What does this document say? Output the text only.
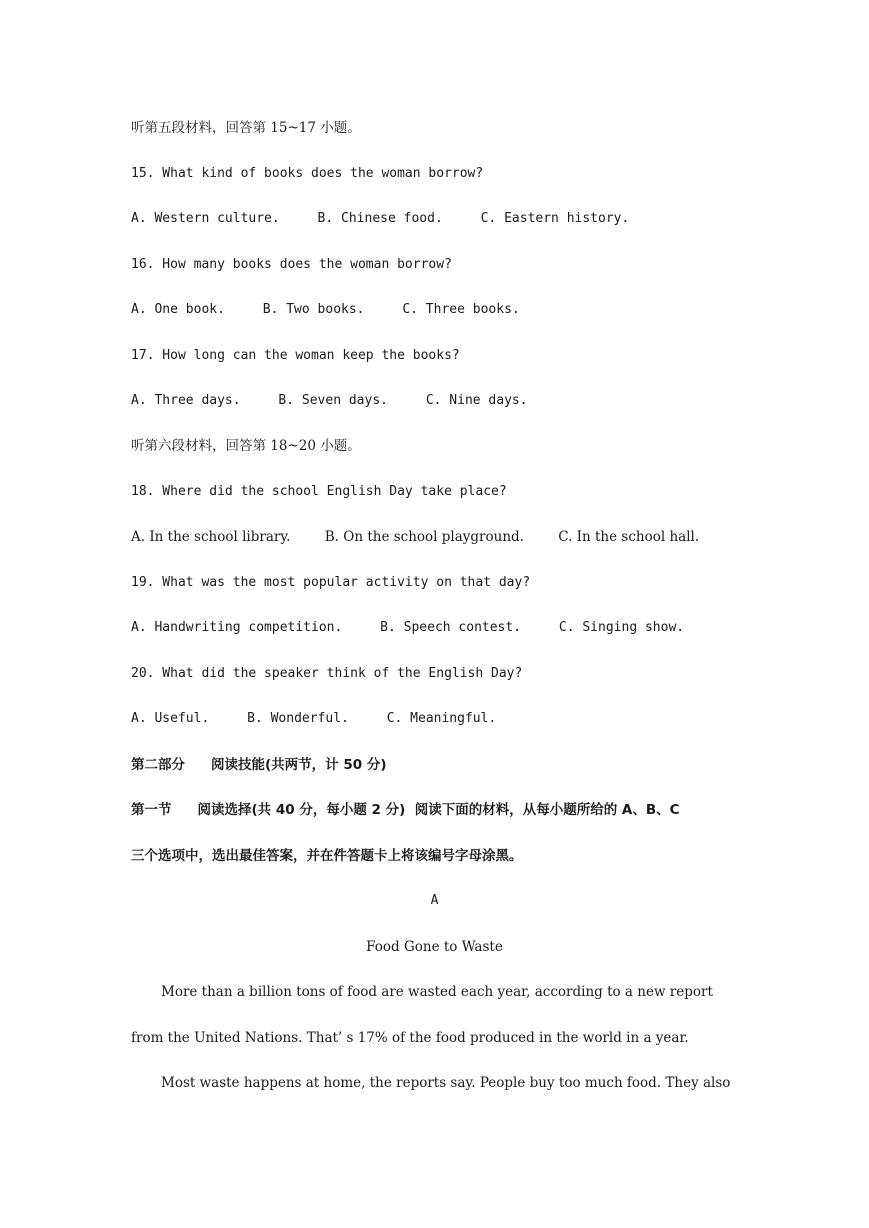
听第五段材料，回答第 15~17 小题。
15. What kind of books does the woman borrow?
A. Western culture.	B. Chinese food.	C. Eastern history.
16. How many books does the woman borrow?
A. One book.	B. Two books.	C. Three books.
17. How long can the woman keep the books?
A. Three days.	B. Seven days.	C. Nine days.
听第六段材料，回答第 18~20 小题。
18. Where did the school English Day take place?
A. In the school library.	B. On the school playground.	C. In the school hall.
19. What was the most popular activity on that day?
A. Handwriting competition.	B. Speech contest.	C. Singing show.
20. What did the speaker think of the English Day?
A. Useful.	B. Wonderful.	C. Meaningful.
第二部分 阅读技能(共两节，计 50 分)
第一节 阅读选择(共 40 分，每小题 2 分) 阅读下面的材料，从每小题所给的 A、B、C
三个选项中，选出最佳答案，并在件答题卡上将该编号字母涂黑。
A
Food Gone to Waste
More than a billion tons of food are wasted each year, according to a new report
from the United Nations. That’ s 17% of the food produced in the world in a year.
Most waste happens at home, the reports say. People buy too much food. They also
